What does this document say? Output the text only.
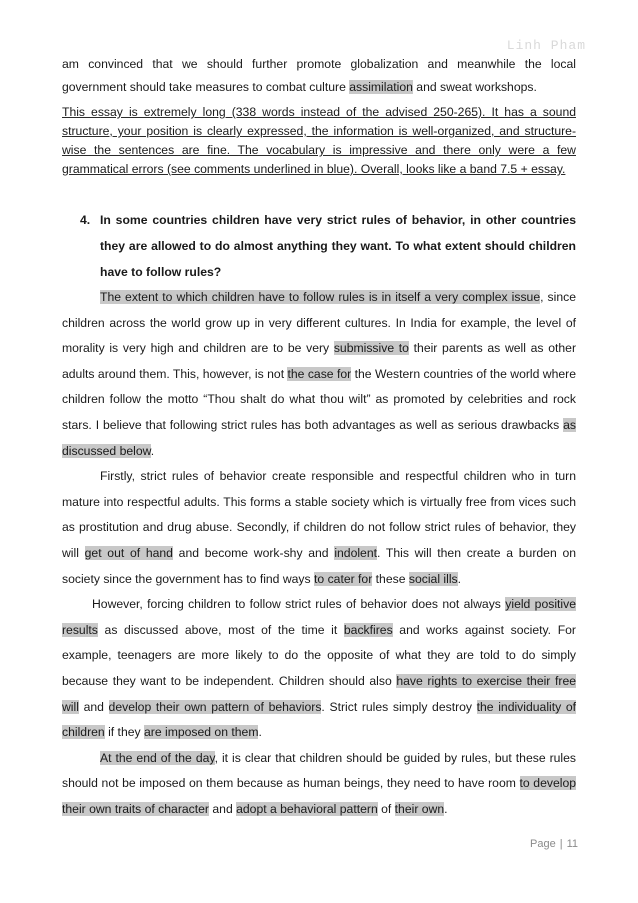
Linh Pham

am convinced that we should further promote globalization and meanwhile the local government should take measures to combat culture assimilation and sweat workshops.

This essay is extremely long (338 words instead of the advised 250-265). It has a sound structure, your position is clearly expressed, the information is well-organized, and structure-wise the sentences are fine. The vocabulary is impressive and there only were a few grammatical errors (see comments underlined in blue). Overall, looks like a band 7.5 + essay.

4. In some countries children have very strict rules of behavior, in other countries they are allowed to do almost anything they want. To what extent should children have to follow rules?

The extent to which children have to follow rules is in itself a very complex issue, since children across the world grow up in very different cultures. In India for example, the level of morality is very high and children are to be very submissive to their parents as well as other adults around them. This, however, is not the case for the Western countries of the world where children follow the motto “Thou shalt do what thou wilt” as promoted by celebrities and rock stars. I believe that following strict rules has both advantages as well as serious drawbacks as discussed below.

Firstly, strict rules of behavior create responsible and respectful children who in turn mature into respectful adults. This forms a stable society which is virtually free from vices such as prostitution and drug abuse. Secondly, if children do not follow strict rules of behavior, they will get out of hand and become work-shy and indolent. This will then create a burden on society since the government has to find ways to cater for these social ills.

However, forcing children to follow strict rules of behavior does not always yield positive results as discussed above, most of the time it backfires and works against society. For example, teenagers are more likely to do the opposite of what they are told to do simply because they want to be independent. Children should also have rights to exercise their free will and develop their own pattern of behaviors. Strict rules simply destroy the individuality of children if they are imposed on them.

At the end of the day, it is clear that children should be guided by rules, but these rules should not be imposed on them because as human beings, they need to have room to develop their own traits of character and adopt a behavioral pattern of their own.

Page | 11
